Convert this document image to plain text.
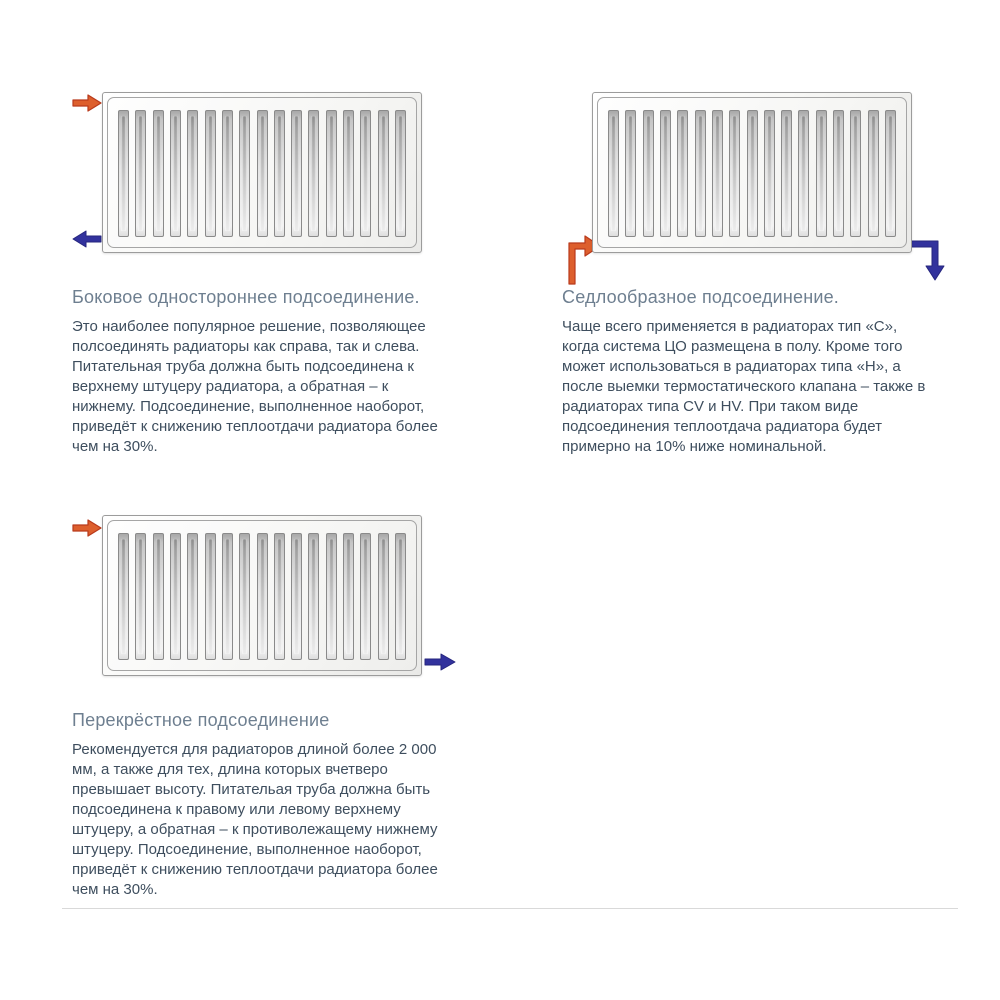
Боковое одностороннее подсоединение.

Это наиболее популярное решение, позволяющее полсоединять радиаторы как справа, так и слева. Питательная труба должна быть подсоединена к верхнему штуцеру радиатора, а обратная – к нижнему. Подсоединение, выполненное наоборот, приведёт к снижению теплоотдачи радиатора более чем на 30%.

Седлообразное подсоединение.

Чаще всего применяется в радиаторах тип «С», когда система ЦО размещена в полу. Кроме того может использоваться в радиаторах типа «H», а после выемки термостатического клапана – также в радиаторах типа CV и HV. При таком виде подсоединения теплоотдача радиатора будет примерно на 10% ниже номинальной.

Перекрёстное подсоединение

Рекомендуется для радиаторов длиной более 2 000 мм, а также для тех, длина которых вчетверо превышает высоту. Питательая труба должна быть подсоединена к правому или левому верхнему штуцеру, а обратная – к противолежащему нижнему штуцеру. Подсоединение, выполненное наоборот, приведёт к снижению теплоотдачи радиатора более чем на 30%.
